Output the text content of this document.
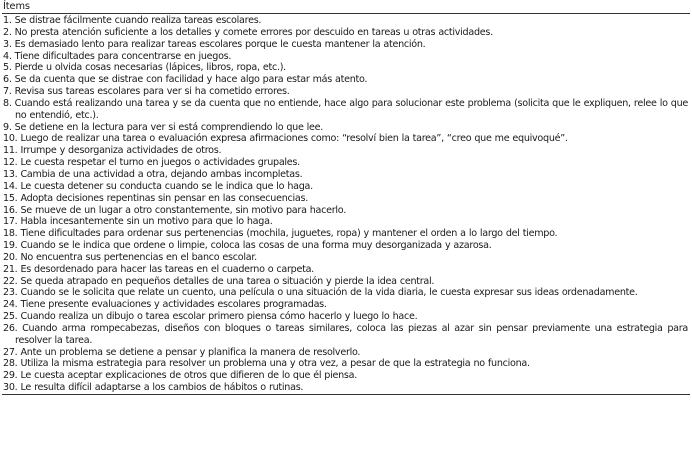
Ítems
1. Se distrae fácilmente cuando realiza tareas escolares.
2. No presta atención suficiente a los detalles y comete errores por descuido en tareas u otras actividades.
3. Es demasiado lento para realizar tareas escolares porque le cuesta mantener la atención.
4. Tiene dificultades para concentrarse en juegos.
5. Pierde u olvida cosas necesarias (lápices, libros, ropa, etc.).
6. Se da cuenta que se distrae con facilidad y hace algo para estar más atento.
7. Revisa sus tareas escolares para ver si ha cometido errores.
8. Cuando está realizando una tarea y se da cuenta que no entiende, hace algo para solucionar este problema (solicita que le expliquen, relee lo que no entendió, etc.).
9. Se detiene en la lectura para ver si está comprendiendo lo que lee.
10. Luego de realizar una tarea o evaluación expresa afirmaciones como: “resolví bien la tarea”, “creo que me equivoqué”.
11. Irrumpe y desorganiza actividades de otros.
12. Le cuesta respetar el turno en juegos o actividades grupales.
13. Cambia de una actividad a otra, dejando ambas incompletas.
14. Le cuesta detener su conducta cuando se le indica que lo haga.
15. Adopta decisiones repentinas sin pensar en las consecuencias.
16. Se mueve de un lugar a otro constantemente, sin motivo para hacerlo.
17. Habla incesantemente sin un motivo para que lo haga.
18. Tiene dificultades para ordenar sus pertenencias (mochila, juguetes, ropa) y mantener el orden a lo largo del tiempo.
19. Cuando se le indica que ordene o limpie, coloca las cosas de una forma muy desorganizada y azarosa.
20. No encuentra sus pertenencias en el banco escolar.
21. Es desordenado para hacer las tareas en el cuaderno o carpeta.
22. Se queda atrapado en pequeños detalles de una tarea o situación y pierde la idea central.
23. Cuando se le solicita que relate un cuento, una película o una situación de la vida diaria, le cuesta expresar sus ideas ordenadamente.
24. Tiene presente evaluaciones y actividades escolares programadas.
25. Cuando realiza un dibujo o tarea escolar primero piensa cómo hacerlo y luego lo hace.
26. Cuando arma rompecabezas, diseños con bloques o tareas similares, coloca las piezas al azar sin pensar previamente una estrategia para resolver la tarea.
27. Ante un problema se detiene a pensar y planifica la manera de resolverlo.
28. Utiliza la misma estrategia para resolver un problema una y otra vez, a pesar de que la estrategia no funciona.
29. Le cuesta aceptar explicaciones de otros que difieren de lo que él piensa.
30. Le resulta difícil adaptarse a los cambios de hábitos o rutinas.
